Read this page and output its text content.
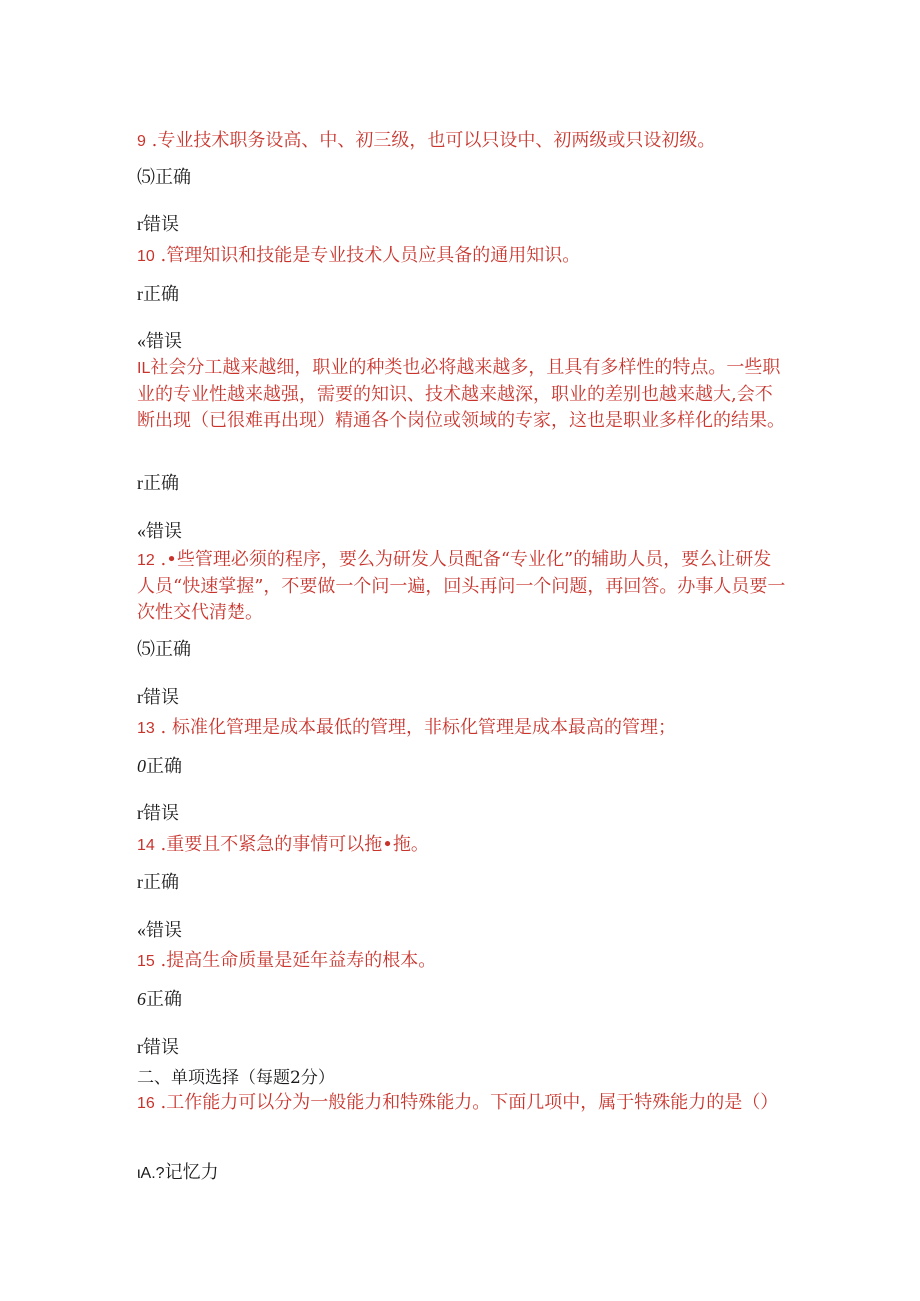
9 .专业技术职务设高、中、初三级，也可以只设中、初两级或只设初级。
⑸正确
r错误
10 .管理知识和技能是专业技术人员应具备的通用知识。
r正确
«错误
IL社会分工越来越细，职业的种类也必将越来越多，且具有多样性的特点。一些职业的专业性越来越强，需要的知识、技术越来越深，职业的差别也越来越大,会不断出现（已很难再出现）精通各个岗位或领域的专家，这也是职业多样化的结果。
r正确
«错误
12 .•些管理必须的程序，要么为研发人员配备“专业化”的辅助人员，要么让研发人员“快速掌握”，不要做一个问一遍，回头再问一个问题，再回答。办事人员要一次性交代清楚。
⑸正确
r错误
13 . 标准化管理是成本最低的管理，非标化管理是成本最高的管理；
0正确
r错误
14 .重要且不紧急的事情可以拖•拖。
r正确
«错误
15 .提高生命质量是延年益寿的根本。
6正确
r错误
二、单项选择（每题2分）
16 .工作能力可以分为一般能力和特殊能力。下面几项中，属于特殊能力的是（）
ιA.?记忆力
